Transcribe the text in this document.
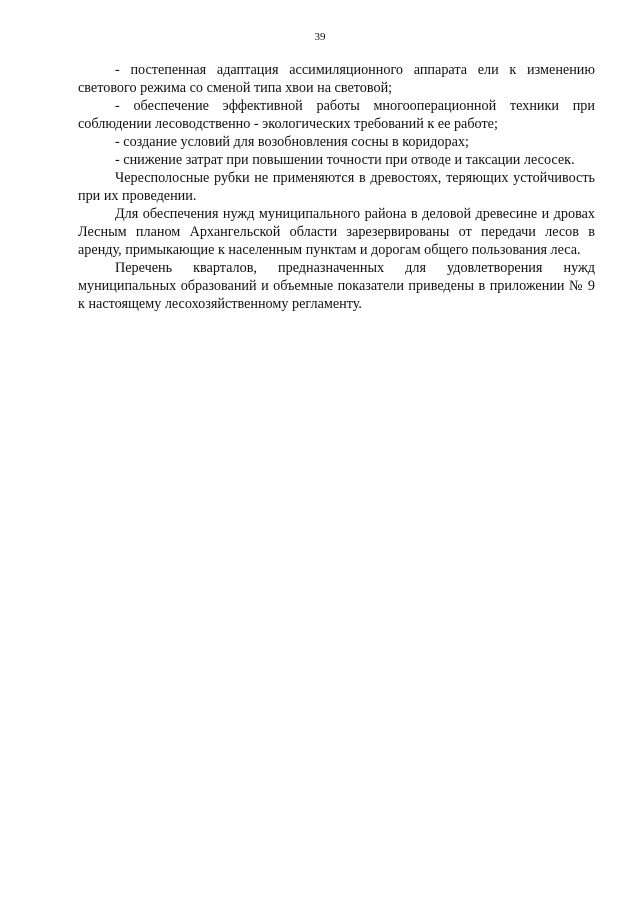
39

- постепенная адаптация ассимиляционного аппарата ели к изменению светового режима со сменой типа хвои на световой;

- обеспечение эффективной работы многооперационной техники при соблюдении лесоводственно - экологических требований к ее работе;

- создание условий для возобновления сосны в коридорах;

- снижение затрат при повышении точности при отводе и таксации лесосек.

Чересполосные рубки не применяются в древостоях, теряющих устойчивость при их проведении.

Для обеспечения нужд муниципального района в деловой древесине и дровах Лесным планом Архангельской области зарезервированы от передачи лесов в аренду, примыкающие к населенным пунктам и дорогам общего пользования леса.

Перечень кварталов, предназначенных для удовлетворения нужд муниципальных образований и объемные показатели приведены в приложении № 9 к настоящему лесохозяйственному регламенту.
